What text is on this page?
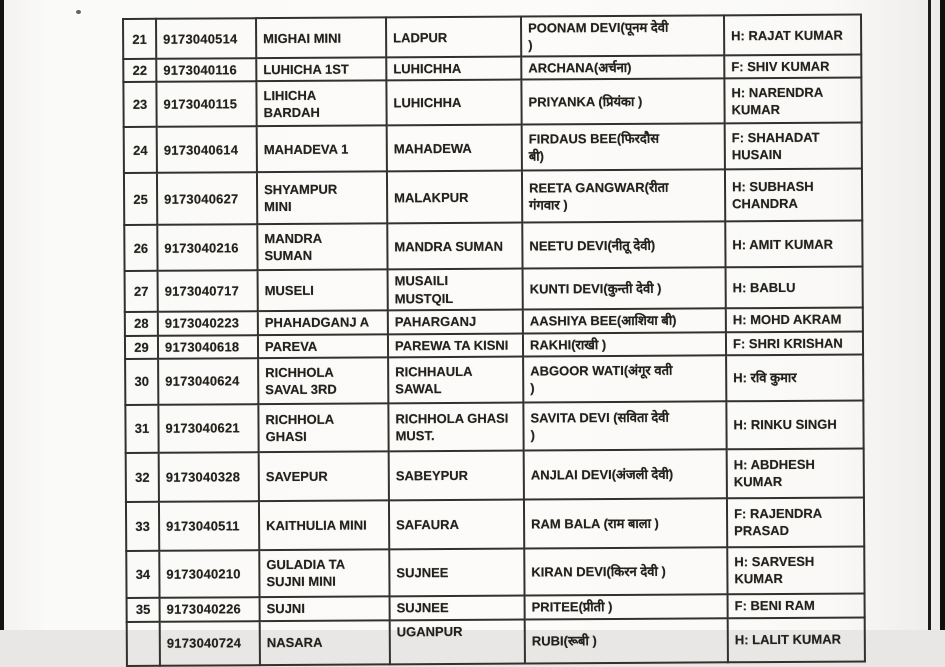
21	9173040514	MIGHAI MINI	LADPUR	POONAM DEVI(पूनम देवी
)	H: RAJAT KUMAR
22	9173040116	LUHICHA 1ST	LUHICHHA	ARCHANA(अर्चना)	F: SHIV KUMAR
23	9173040115	LIHICHA
BARDAH	LUHICHHA	PRIYANKA (प्रियंका )	H: NARENDRA
KUMAR
24	9173040614	MAHADEVA 1	MAHADEWA	FIRDAUS BEE(फिरदौस
बी)	F: SHAHADAT
HUSAIN
25	9173040627	SHYAMPUR
MINI	MALAKPUR	REETA GANGWAR(रीता
गंगवार )	H: SUBHASH
CHANDRA
26	9173040216	MANDRA
SUMAN	MANDRA SUMAN	NEETU DEVI(नीतू देवी)	H: AMIT KUMAR
27	9173040717	MUSELI	MUSAILI
MUSTQIL	KUNTI DEVI(कुन्ती देवी )	H: BABLU
28	9173040223	PHAHADGANJ A	PAHARGANJ	AASHIYA BEE(आशिया बी)	H: MOHD AKRAM
29	9173040618	PAREVA	PAREWA TA KISNI	RAKHI(राखी )	F: SHRI KRISHAN
30	9173040624	RICHHOLA
SAVAL 3RD	RICHHAULA
SAWAL	ABGOOR WATI(अंगूर वती
)	H: रवि कुमार
31	9173040621	RICHHOLA
GHASI	RICHHOLA GHASI
MUST.	SAVITA DEVI (सविता देवी
)	H: RINKU SINGH
32	9173040328	SAVEPUR	SABEYPUR	ANJLAI DEVI(अंजली देवी)	H: ABDHESH
KUMAR
33	9173040511	KAITHULIA MINI	SAFAURA	RAM BALA (राम बाला )	F: RAJENDRA
PRASAD
34	9173040210	GULADIA TA
SUJNI MINI	SUJNEE	KIRAN DEVI(किरन देवी )	H: SARVESH
KUMAR
35	9173040226	SUJNI	SUJNEE	PRITEE(प्रीती )	F: BENI RAM
	9173040724	NASARA	UGANPUR	RUBI(रूबी )	H: LALIT KUMAR
